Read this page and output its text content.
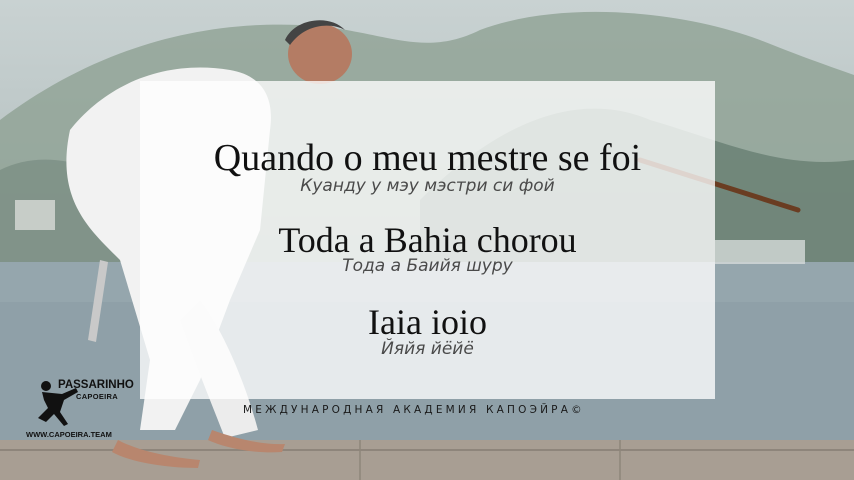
Quando o meu mestre se foi
Куанду у мэу мэстри си фой
Toda a Bahia chorou
Тода а Баийя шуру
Iaia ioio
Йяйя йёйё
МЕЖДУНАРОДНАЯ АКАДЕМИЯ КАПОЭЙРА©
PASSARINHO
CAPOEIRA
WWW.CAPOEIRA.TEAM
